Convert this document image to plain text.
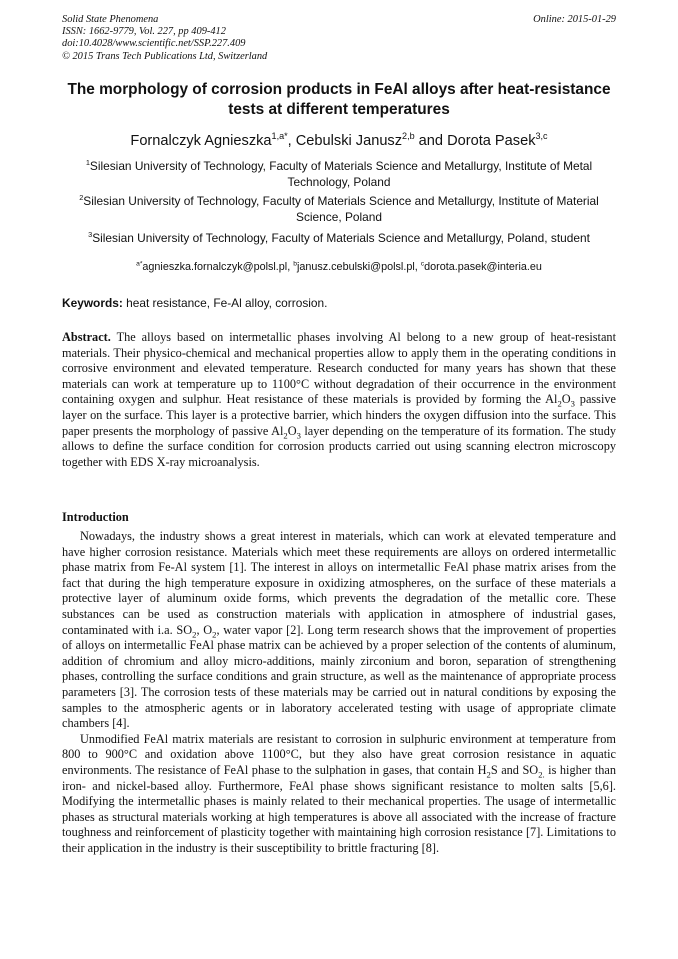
Solid State Phenomena
ISSN: 1662-9779, Vol. 227, pp 409-412
doi:10.4028/www.scientific.net/SSP.227.409
© 2015 Trans Tech Publications Ltd, Switzerland
Online: 2015-01-29
The morphology of corrosion products in FeAl alloys after heat-resistance tests at different temperatures
Fornalczyk Agnieszka$^{1,a*}$, Cebulski Janusz$^{2,b}$ and Dorota Pasek$^{3,c}$
$^1$Silesian University of Technology, Faculty of Materials Science and Metallurgy, Institute of Metal Technology, Poland
$^2$Silesian University of Technology, Faculty of Materials Science and Metallurgy, Institute of Material Science, Poland
$^3$Silesian University of Technology, Faculty of Materials Science and Metallurgy, Poland, student
$^{a*}$agnieszka.fornalczyk@polsl.pl, $^b$janusz.cebulski@polsl.pl, $^c$dorota.pasek@interia.eu
Keywords: heat resistance, Fe-Al alloy, corrosion.
Abstract. The alloys based on intermetallic phases involving Al belong to a new group of heat-resistant materials. Their physico-chemical and mechanical properties allow to apply them in the operating conditions in corrosive environment and elevated temperature. Research conducted for many years has shown that these materials can work at temperature up to 1100°C without degradation of their occurrence in the environment containing oxygen and sulphur. Heat resistance of these materials is provided by forming the $Al_2O_3$ passive layer on the surface. This layer is a protective barrier, which hinders the oxygen diffusion into the surface. This paper presents the morphology of passive $Al_2O_3$ layer depending on the temperature of its formation. The study allows to define the surface condition for corrosion products carried out using scanning electron microscopy together with EDS X-ray microanalysis.
Introduction

Nowadays, the industry shows a great interest in materials, which can work at elevated temperature and have higher corrosion resistance. Materials which meet these requirements are alloys on ordered intermetallic phase matrix from Fe-Al system [1]. The interest in alloys on intermetallic FeAl phase matrix arises from the fact that during the high temperature exposure in oxidizing atmospheres, on the surface of these materials a protective layer of aluminum oxide forms, which prevents the degradation of the metallic core. These substances can be used as construction materials with application in atmosphere of industrial gases, contaminated with i.a. $SO_2$, $O_2$, water vapor [2]. Long term research shows that the improvement of properties of alloys on intermetallic FeAl phase matrix can be achieved by a proper selection of the contents of aluminum, addition of chromium and alloy micro-additions, mainly zirconium and boron, separation of strengthening phases, controlling the surface conditions and grain structure, as well as the maintenance of appropriate process parameters [3]. The corrosion tests of these materials may be carried out in natural conditions by exposing the samples to the atmospheric agents or in laboratory accelerated testing with usage of appropriate climate chambers [4].

Unmodified FeAl matrix materials are resistant to corrosion in sulphuric environment at temperature from 800 to 900°C and oxidation above 1100°C, but they also have great corrosion resistance in aquatic environments. The resistance of FeAl phase to the sulphation in gases, that contain $H_2S$ and $SO_{2.}$ is higher than iron- and nickel-based alloy. Furthermore, FeAl phase shows significant resistance to molten salts [5,6]. Modifying the intermetallic phases is mainly related to their mechanical properties. The usage of intermetallic phases as structural materials working at high temperatures is above all associated with the increase of fracture toughness and reinforcement of plasticity together with maintaining high corrosion resistance [7]. Limitations to their application in the industry is their susceptibility to brittle fracturing [8].
